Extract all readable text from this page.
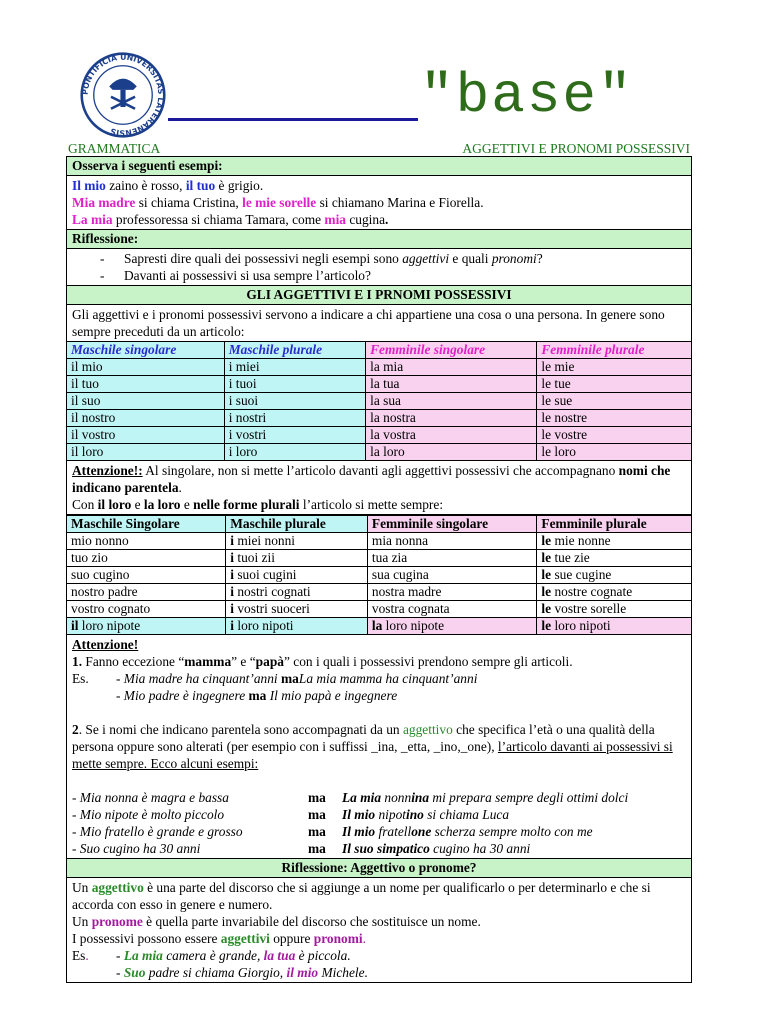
PONTIFICIA UNIVERSITAS LATERANENSIS
"base"
GRAMMATICA	AGGETTIVI E PRONOMI POSSESSIVI
Osserva i seguenti esempi:

Il mio zaino è rosso, il tuo è grigio.

Mia madre si chiama Cristina, le mie sorelle si chiamano Marina e Fiorella.

La mia professoressa si chiama Tamara, come mia cugina.

Riflessione:

- Sapresti dire quali dei possessivi negli esempi sono aggettivi e quali pronomi?

- Davanti ai possessivi si usa sempre l’articolo?

GLI AGGETTIVI E I PRNOMI POSSESSIVI
Gli aggettivi e i pronomi possessivi servono a indicare a chi appartiene una cosa o una persona. In genere sono sempre preceduti da un articolo:
Maschile singolare	Maschile plurale	Femminile singolare	Femminile plurale
il mio	i miei	la mia	le mie
il tuo	i tuoi	la tua	le tue
il suo	i suoi	la sua	le sue
il nostro	i nostri	la nostra	le nostre
il vostro	i vostri	la vostra	le vostre
il loro	i loro	la loro	le loro

Attenzione!: Al singolare, non si mette l’articolo davanti agli aggettivi possessivi che accompagnano nomi che indicano parentela.

Con il loro e la loro e nelle forme plurali l’articolo si mette sempre:

Maschile Singolare	Maschile plurale	Femminile singolare	Femminile plurale
mio nonno	i miei nonni	mia nonna	le mie nonne
tuo zio	i tuoi zii	tua zia	le tue zie
suo cugino	i suoi cugini	sua cugina	le sue cugine
nostro padre	i nostri cognati	nostra madre	le nostre cognate
vostro cognato	i vostri suoceri	vostra cognata	le vostre sorelle
il loro nipote	i loro nipoti	la loro nipote	le loro nipoti

Attenzione!

1. Fanno eccezione “mamma” e “papà” con i quali i possessivi prendono sempre gli articoli.

Es.	- Mia madre ha cinquant’anni
ma La mia mamma ha cinquant’anni

- Mio padre è ingegnere ma Il mio papà e ingegnere

2. Se i nomi che indicano parentela sono accompagnati da un aggettivo che specifica l’età o una qualità della persona oppure sono alterati (per esempio con i suffissi _ina, _etta, _ino,_one), l’articolo davanti ai possessivi si mette sempre. Ecco alcuni esempi:

- Mia nonna è magra e bassa	ma	La mia nonnina mi prepara sempre degli ottimi dolci
- Mio nipote è molto piccolo	ma	Il mio nipotino si chiama Luca
- Mio fratello è grande e grosso	ma	Il mio fratellone scherza sempre molto con me
- Suo cugino ha 30 anni	ma	Il suo simpatico cugino ha 30 anni
Riflessione: Aggettivo o pronome?

Un aggettivo è una parte del discorso che si aggiunge a un nome per qualificarlo o per determinarlo e che si accorda con esso in genere e numero.

Un pronome è quella parte invariabile del discorso che sostituisce un nome.

I possessivi possono essere aggettivi oppure pronomi.

Es.	- La mia camera è grande, la tua è piccola.

- Suo padre si chiama Giorgio, il mio Michele.
